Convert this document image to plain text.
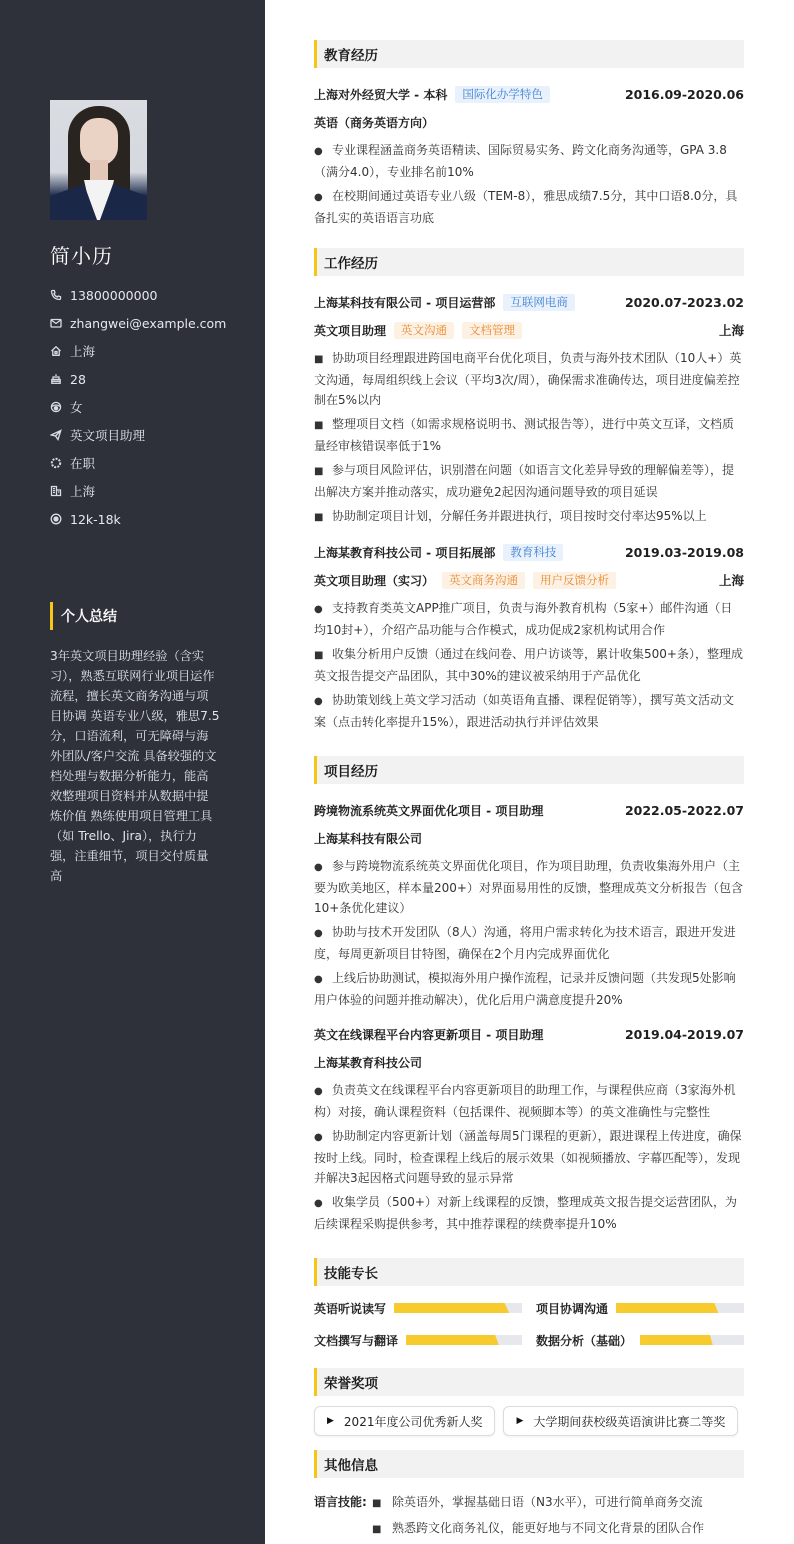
简小历
13800000000
zhangwei@example.com
上海
28
女
英文项目助理
在职
上海
12k-18k
个人总结
3年英文项目助理经验（含实习），熟悉互联网行业项目运作流程，擅长英文商务沟通与项目协调 英语专业八级，雅思7.5分，口语流利，可无障碍与海外团队/客户交流 具备较强的文档处理与数据分析能力，能高效整理项目资料并从数据中提炼价值 熟练使用项目管理工具（如 Trello、Jira），执行力强，注重细节，项目交付质量高
教育经历
上海对外经贸大学 - 本科	国际化办学特色	2016.09-2020.06
英语（商务英语方向）
● 专业课程涵盖商务英语精读、国际贸易实务、跨文化商务沟通等，GPA 3.8（满分4.0），专业排名前10%
● 在校期间通过英语专业八级（TEM-8），雅思成绩7.5分，其中口语8.0分，具备扎实的英语语言功底
工作经历
上海某科技有限公司 - 项目运营部	互联网电商	2020.07-2023.02
英文项目助理	英文沟通	文档管理	上海
■ 协助项目经理跟进跨国电商平台优化项目，负责与海外技术团队（10人+）英文沟通，每周组织线上会议（平均3次/周），确保需求准确传达，项目进度偏差控制在5%以内
■ 整理项目文档（如需求规格说明书、测试报告等），进行中英文互译，文档质量经审核错误率低于1%
■ 参与项目风险评估，识别潜在问题（如语言文化差异导致的理解偏差等），提出解决方案并推动落实，成功避免2起因沟通问题导致的项目延误
■ 协助制定项目计划，分解任务并跟进执行，项目按时交付率达95%以上
上海某教育科技公司 - 项目拓展部	教育科技	2019.03-2019.08
英文项目助理（实习）	英文商务沟通	用户反馈分析	上海
● 支持教育类英文APP推广项目，负责与海外教育机构（5家+）邮件沟通（日均10封+），介绍产品功能与合作模式，成功促成2家机构试用合作
■ 收集分析用户反馈（通过在线问卷、用户访谈等，累计收集500+条），整理成英文报告提交产品团队，其中30%的建议被采纳用于产品优化
● 协助策划线上英文学习活动（如英语角直播、课程促销等），撰写英文活动文案（点击转化率提升15%），跟进活动执行并评估效果
项目经历
跨境物流系统英文界面优化项目 - 项目助理	2022.05-2022.07
上海某科技有限公司
● 参与跨境物流系统英文界面优化项目，作为项目助理，负责收集海外用户（主要为欧美地区，样本量200+）对界面易用性的反馈，整理成英文分析报告（包含10+条优化建议）
● 协助与技术开发团队（8人）沟通，将用户需求转化为技术语言，跟进开发进度，每周更新项目甘特图，确保在2个月内完成界面优化
● 上线后协助测试，模拟海外用户操作流程，记录并反馈问题（共发现5处影响用户体验的问题并推动解决），优化后用户满意度提升20%
英文在线课程平台内容更新项目 - 项目助理	2019.04-2019.07
上海某教育科技公司
● 负责英文在线课程平台内容更新项目的助理工作，与课程供应商（3家海外机构）对接，确认课程资料（包括课件、视频脚本等）的英文准确性与完整性
● 协助制定内容更新计划（涵盖每周5门课程的更新），跟进课程上传进度，确保按时上线。同时，检查课程上线后的展示效果（如视频播放、字幕匹配等），发现并解决3起因格式问题导致的显示异常
● 收集学员（500+）对新上线课程的反馈，整理成英文报告提交运营团队，为后续课程采购提供参考，其中推荐课程的续费率提升10%
技能专长
英语听说读写	项目协调沟通
文档撰写与翻译	数据分析（基础）
荣誉奖项
▶ 2021年度公司优秀新人奖	▶ 大学期间获校级英语演讲比赛二等奖
其他信息
语言技能: ■ 除英语外，掌握基础日语（N3水平），可进行简单商务交流
■ 熟悉跨文化商务礼仪，能更好地与不同文化背景的团队合作
